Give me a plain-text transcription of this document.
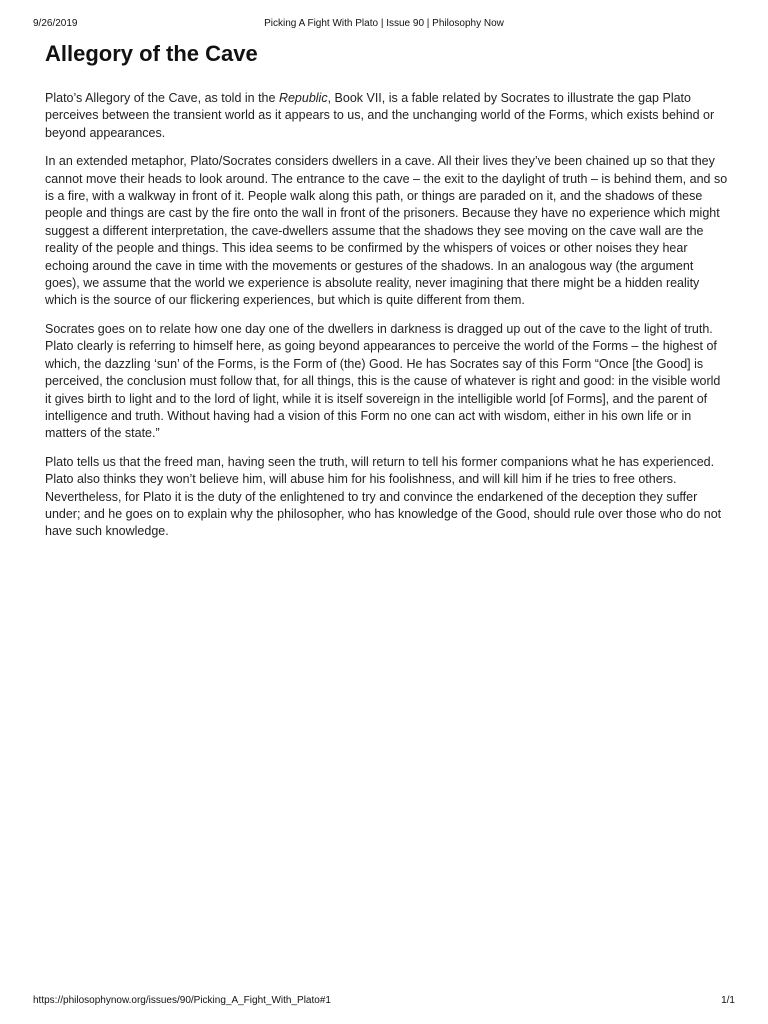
9/26/2019	Picking A Fight With Plato | Issue 90 | Philosophy Now
Allegory of the Cave

Plato’s Allegory of the Cave, as told in the Republic, Book VII, is a fable related by Socrates to illustrate the gap Plato perceives between the transient world as it appears to us, and the unchanging world of the Forms, which exists behind or beyond appearances.

In an extended metaphor, Plato/Socrates considers dwellers in a cave. All their lives they’ve been chained up so that they cannot move their heads to look around. The entrance to the cave – the exit to the daylight of truth – is behind them, and so is a fire, with a walkway in front of it. People walk along this path, or things are paraded on it, and the shadows of these people and things are cast by the fire onto the wall in front of the prisoners. Because they have no experience which might suggest a different interpretation, the cave-dwellers assume that the shadows they see moving on the cave wall are the reality of the people and things. This idea seems to be confirmed by the whispers of voices or other noises they hear echoing around the cave in time with the movements or gestures of the shadows. In an analogous way (the argument goes), we assume that the world we experience is absolute reality, never imagining that there might be a hidden reality which is the source of our flickering experiences, but which is quite different from them.

Socrates goes on to relate how one day one of the dwellers in darkness is dragged up out of the cave to the light of truth. Plato clearly is referring to himself here, as going beyond appearances to perceive the world of the Forms – the highest of which, the dazzling ‘sun’ of the Forms, is the Form of (the) Good. He has Socrates say of this Form “Once [the Good] is perceived, the conclusion must follow that, for all things, this is the cause of whatever is right and good: in the visible world it gives birth to light and to the lord of light, while it is itself sovereign in the intelligible world [of Forms], and the parent of intelligence and truth. Without having had a vision of this Form no one can act with wisdom, either in his own life or in matters of the state.”

Plato tells us that the freed man, having seen the truth, will return to tell his former companions what he has experienced. Plato also thinks they won’t believe him, will abuse him for his foolishness, and will kill him if he tries to free others. Nevertheless, for Plato it is the duty of the enlightened to try and convince the endarkened of the deception they suffer under; and he goes on to explain why the philosopher, who has knowledge of the Good, should rule over those who do not have such knowledge.

https://philosophynow.org/issues/90/Picking_A_Fight_With_Plato#1	1/1
